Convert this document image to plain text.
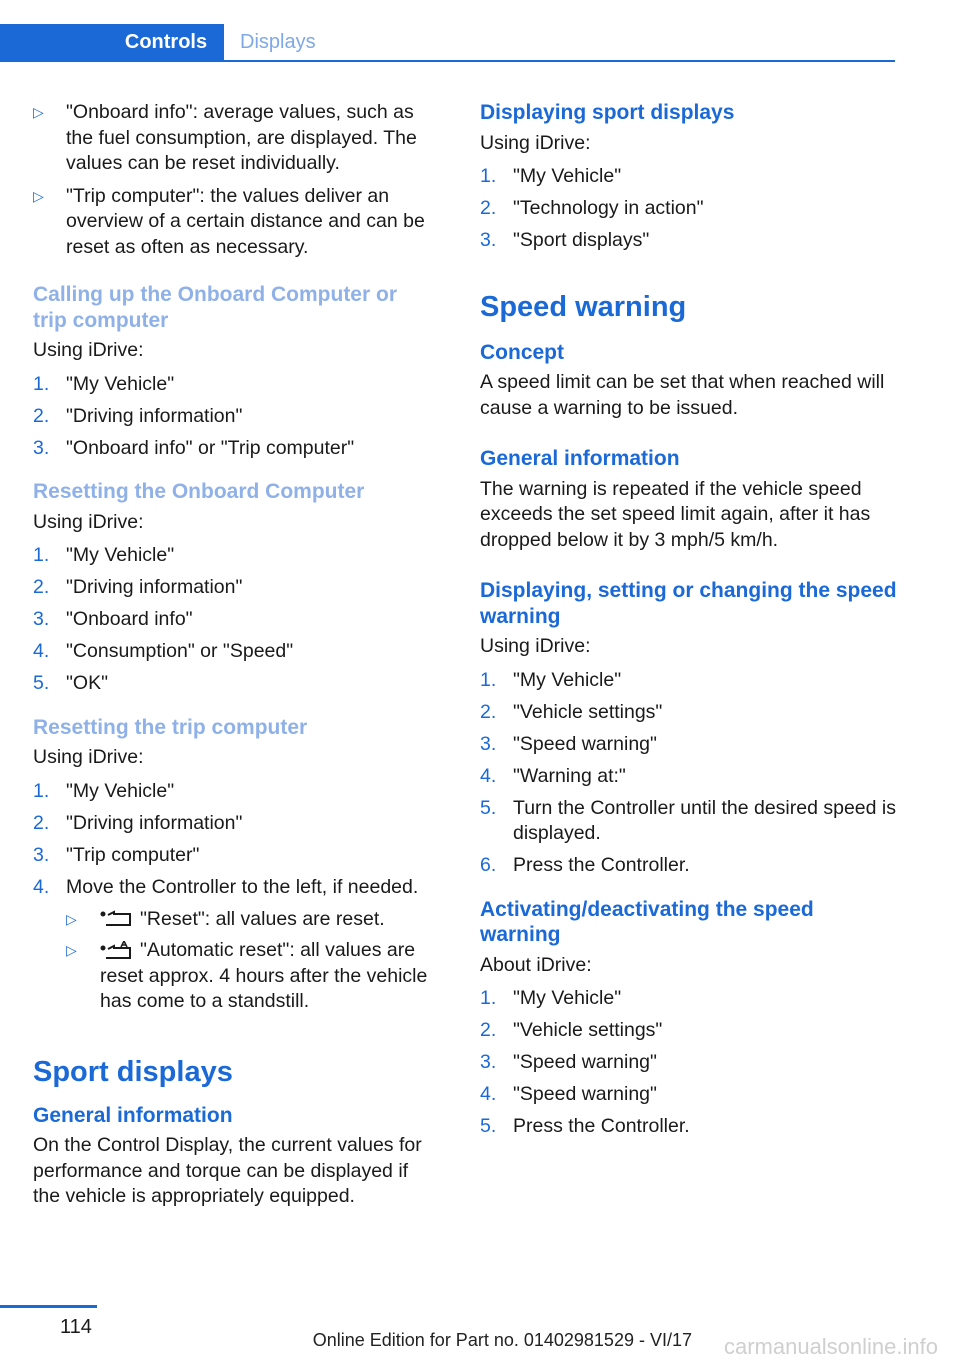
Controls	Displays
▷	"Onboard info": average values, such as the fuel consumption, are displayed. The values can be reset individually.
▷	"Trip computer": the values deliver an overview of a certain distance and can be reset as often as necessary.
Calling up the Onboard Computer or trip computer
Using iDrive:
1. "My Vehicle"
2. "Driving information"
3. "Onboard info" or "Trip computer"
Resetting the Onboard Computer
Using iDrive:
1. "My Vehicle"
2. "Driving information"
3. "Onboard info"
4. "Consumption" or "Speed"
5. "OK"
Resetting the trip computer
Using iDrive:
1. "My Vehicle"
2. "Driving information"
3. "Trip computer"
4. Move the Controller to the left, if needed.
▷	"Reset": all values are reset.
▷	"Automatic reset": all values are reset approx. 4 hours after the vehicle has come to a standstill.
Sport displays
General information
On the Control Display, the current values for performance and torque can be displayed if the vehicle is appropriately equipped.
Displaying sport displays
Using iDrive:
1. "My Vehicle"
2. "Technology in action"
3. "Sport displays"
Speed warning
Concept
A speed limit can be set that when reached will cause a warning to be issued.
General information
The warning is repeated if the vehicle speed exceeds the set speed limit again, after it has dropped below it by 3 mph/5 km/h.
Displaying, setting or changing the speed warning
Using iDrive:
1. "My Vehicle"
2. "Vehicle settings"
3. "Speed warning"
4. "Warning at:"
5. Turn the Controller until the desired speed is displayed.
6. Press the Controller.
Activating/deactivating the speed warning
About iDrive:
1. "My Vehicle"
2. "Vehicle settings"
3. "Speed warning"
4. "Speed warning"
5. Press the Controller.
114
Online Edition for Part no. 01402981529 - VI/17 carmanualsonline.info
